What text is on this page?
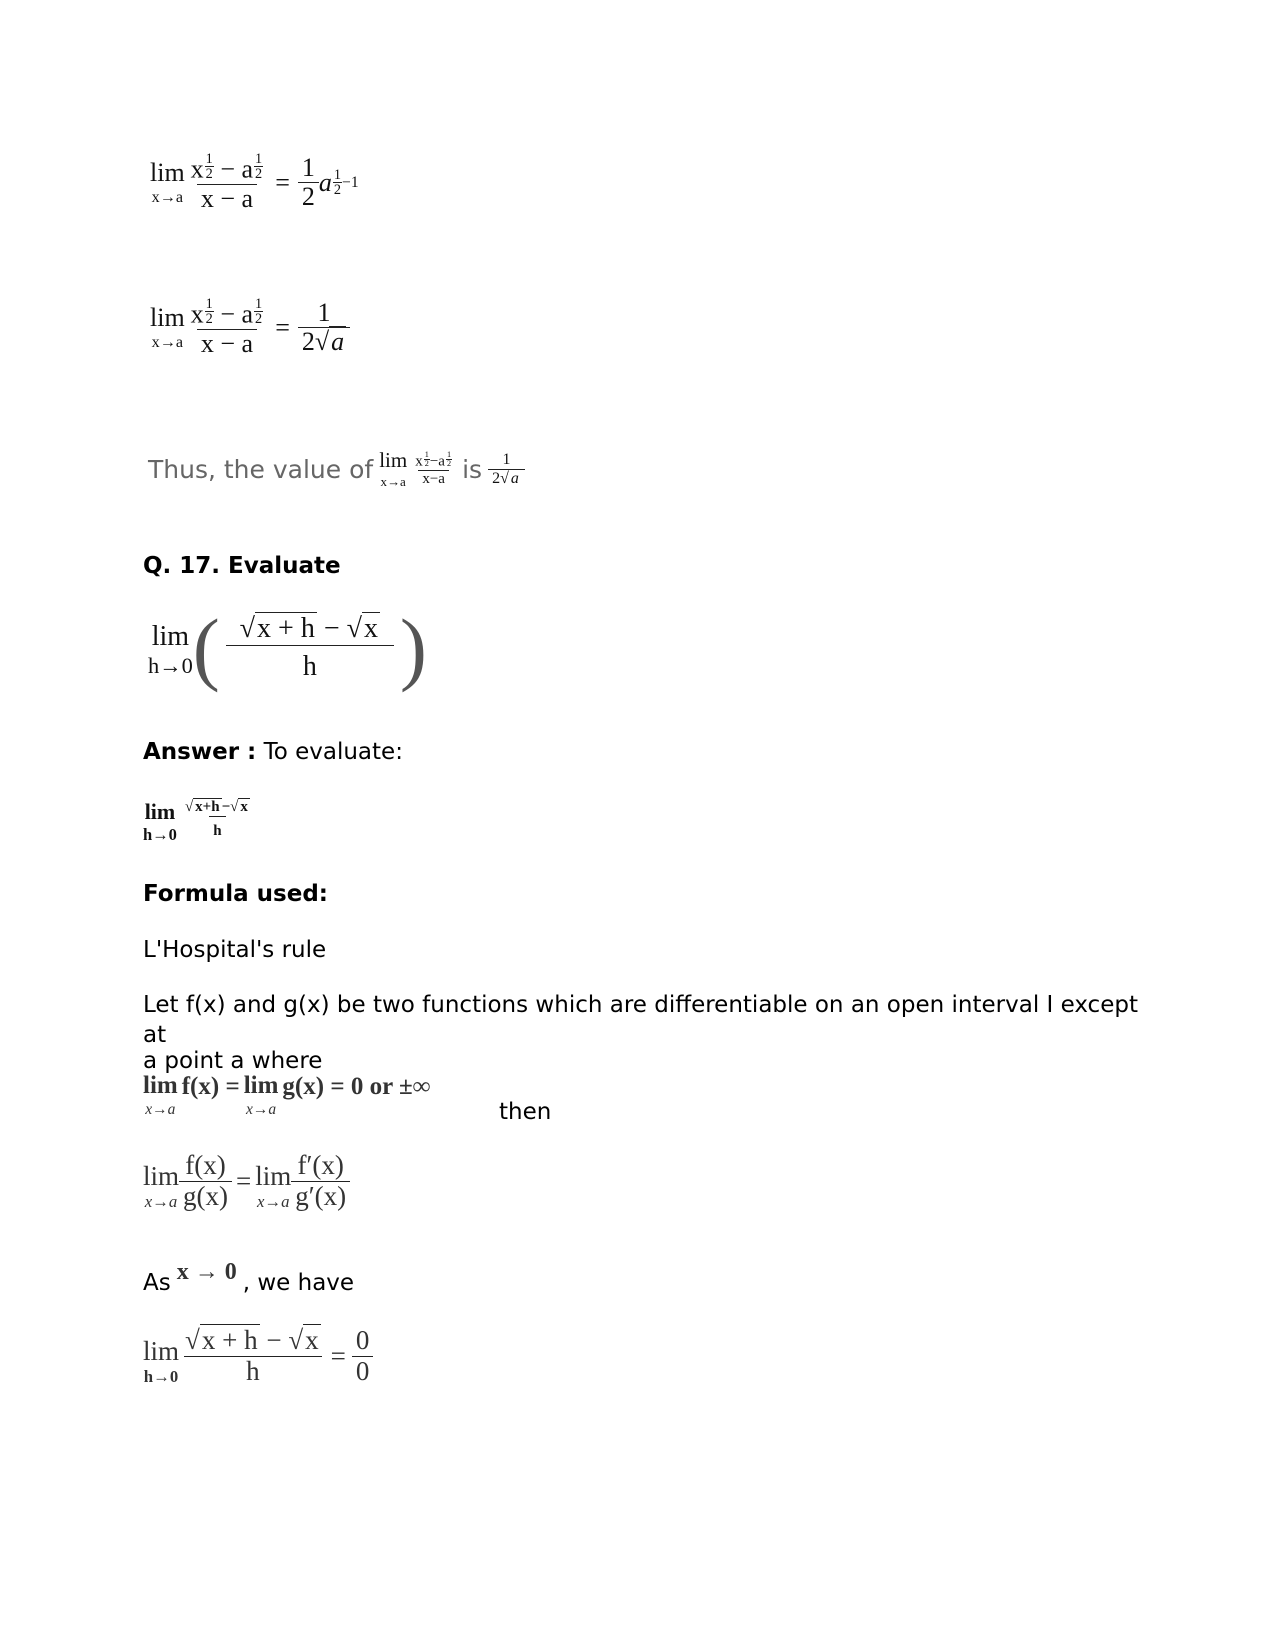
lim
$x\to a \frac{x \frac{1}{2} - a \frac{1}{2}}{x - a} = \frac{1}{2}$ a 1
2 −1
lim
$x\to a \frac{x \frac{1}{2} - a \frac{1}{2}}{x - a} = \frac{1}{2√a}$
Thus, the value of lim
$x\to a \frac{x \frac{1}{2} -a \frac{1}{2}}{x-a}$ is $\frac{1}{2√ a}$
Q. 17. Evaluate
lim
h→0 ( $\frac{√x + h - √x}{h}$ )
Answer : To evaluate:
lim
$h\to 0 \frac{√ x+h -√ x}{h}$
Formula used:
L'Hospital's rule
Let f(x) and g(x) be two functions which are differentiable on an open interval I except at
a point a where
lim
x→a
f(x) = lim
x→a
g(x) = 0 or ±∞
then
lim
$x\to a \frac{f(x)}{g(x)} = \lim$
$x\to a \frac{f'(x)}{g'(x)}$
As x → 0 , we have
lim
$h\to 0 \frac{√x + h - √x}{h} = \frac{0}{0}$
